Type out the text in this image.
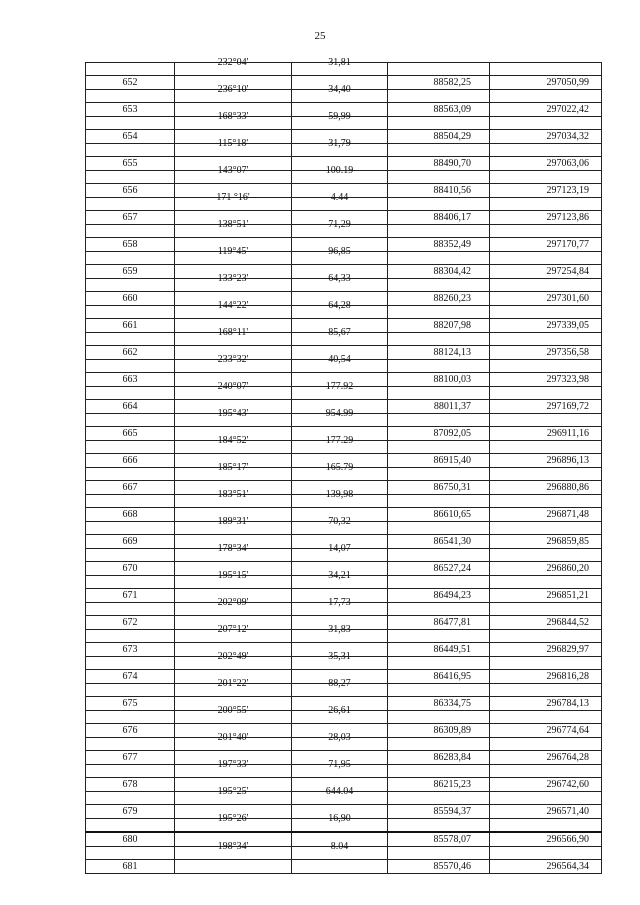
25
	232°04'	31,81		
652			88582,25	297050,99
	236°10'	34,40		
653			88563,09	297022,42
	168°33'	59,99		
654			88504,29	297034,32
	115°18'	31,79		
655			88490,70	297063,06
	143°07'	100.19		
656			88410,56	297123,19
	171 °16'	4.44		
657			88406,17	297123,86
	138°51'	71,29		
658			88352,49	297170,77
	119°45'	96,85		
659			88304,42	297254,84
	133°23'	64,33		
660			88260,23	297301,60
	144°22'	64,28		
661			88207,98	297339,05
	168°11'	85,67		
662			88124,13	297356,58
	233°32'	40,54		
663			88100,03	297323,98
	240°07'	177.92		
664			88011,37	297169,72
	195°43'	954.99		
665			87092,05	296911,16
	184°52'	177.29		
666			86915,40	296896,13
	185°17'	165.79		
667			86750,31	296880,86
	183°51'	139,98		
668			86610,65	296871,48
	189°31'	70,32		
669			86541,30	296859,85
	178°34'	14,07		
670			86527,24	296860,20
	195°15'	34,21		
671			86494,23	296851,21
	202°09'	17,73		
672			86477,81	296844,52
	207°12'	31,83		
673			86449,51	296829,97
	202°49'	35,31		
674			86416,95	296816,28
	201°22'	88,27		
675			86334,75	296784,13
	200°55'	26,61		
676			86309,89	296774,64
	201°40'	28,03		
677			86283,84	296764,28
	197°33'	71,95		
678			86215,23	296742,60
	195°25'	644.04		
679			85594,37	296571,40
	195°26'	16,90		
680			85578,07	296566,90
	198°34'	8.04		
681			85570,46	296564,34
